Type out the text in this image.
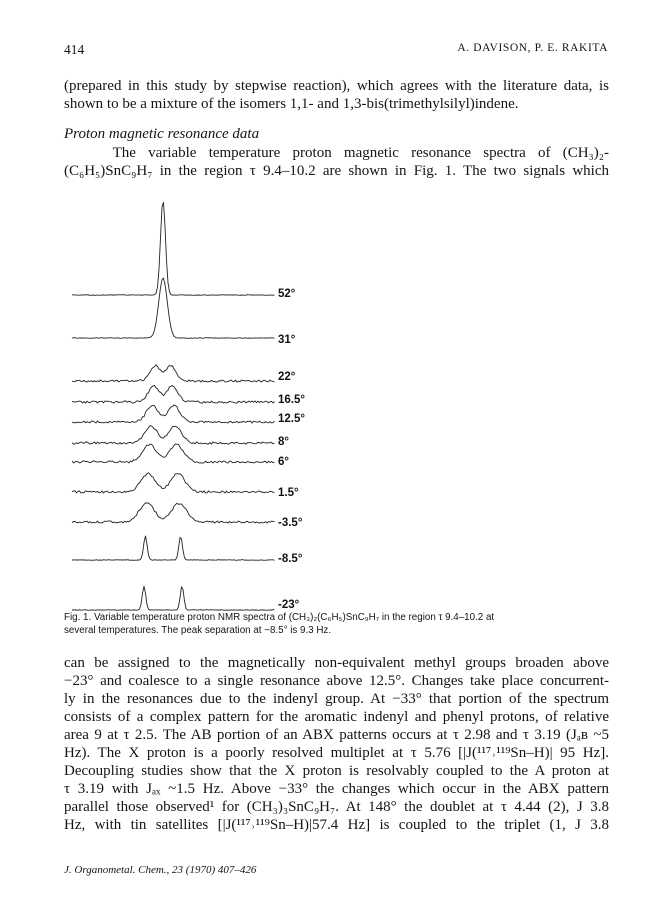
414	A. DAVISON, P. E. RAKITA
(prepared in this study by stepwise reaction), which agrees with the literature data, is
shown to be a mixture of the isomers 1,1- and 1,3-bis(trimethylsilyl)indene.
Proton magnetic resonance data
The variable temperature proton magnetic resonance spectra of (CH₃)₂-
(C₆H₅)SnC₉H₇ in the region τ 9.4–10.2 are shown in Fig. 1. The two signals which
52°
31°
22°
16.5°
12.5°
8°
6°
1.5°
-3.5°
-8.5°
-23°
Fig. 1. Variable temperature proton NMR spectra of (CH₃)₂(C₆H₅)SnC₉H₇ in the region τ 9.4–10.2 at
several temperatures. The peak separation at −8.5° is 9.3 Hz.
can be assigned to the magnetically non-equivalent methyl groups broaden above
−23° and coalesce to a single resonance above 12.5°. Changes take place concurrent-
ly in the resonances due to the indenyl group. At −33° that portion of the spectrum
consists of a complex pattern for the aromatic indenyl and phenyl protons, of relative
area 9 at τ 2.5. The AB portion of an ABX patterns occurs at τ 2.98 and τ 3.19 (Jₐʙ ~5
Hz). The X proton is a poorly resolved multiplet at τ 5.76 [|J(¹¹⁷˒¹¹⁹Sn–H)| 95 Hz].
Decoupling studies show that the X proton is resolvably coupled to the A proton at
τ 3.19 with Jₐₓ ~1.5 Hz. Above −33° the changes which occur in the ABX pattern
parallel those observed¹ for (CH₃)₃SnC₉H₇. At 148° the doublet at τ 4.44 (2), J 3.8
Hz, with tin satellites [|J(¹¹⁷˒¹¹⁹Sn–H)|57.4 Hz] is coupled to the triplet (1, J 3.8
J. Organometal. Chem., 23 (1970) 407–426
